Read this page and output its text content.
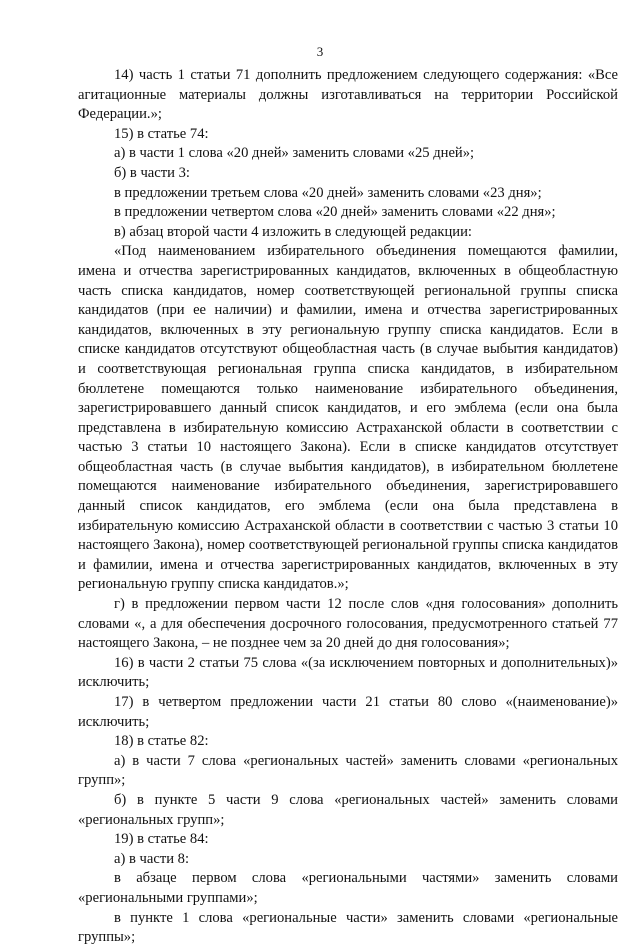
3

14) часть 1 статьи 71 дополнить предложением следующего содержания: «Все агитационные материалы должны изготавливаться на территории Российской Федерации.»;

15) в статье 74:

а) в части 1 слова «20 дней» заменить словами «25 дней»;

б) в части 3:

в предложении третьем слова «20 дней» заменить словами «23 дня»;

в предложении четвертом слова «20 дней» заменить словами «22 дня»;

в) абзац второй части 4 изложить в следующей редакции:

«Под наименованием избирательного объединения помещаются фамилии, имена и отчества зарегистрированных кандидатов, включенных в общеобластную часть списка кандидатов, номер соответствующей региональной группы списка кандидатов (при ее наличии) и фамилии, имена и отчества зарегистрированных кандидатов, включенных в эту региональную группу списка кандидатов. Если в списке кандидатов отсутствуют общеобластная часть (в случае выбытия кандидатов) и соответствующая региональная группа списка кандидатов, в избирательном бюллетене помещаются только наименование избирательного объединения, зарегистрировавшего данный список кандидатов, и его эмблема (если она была представлена в избирательную комиссию Астраханской области в соответствии с частью 3 статьи 10 настоящего Закона). Если в списке кандидатов отсутствует общеобластная часть (в случае выбытия кандидатов), в избирательном бюллетене помещаются наименование избирательного объединения, зарегистрировавшего данный список кандидатов, его эмблема (если она была представлена в избирательную комиссию Астраханской области в соответствии с частью 3 статьи 10 настоящего Закона), номер соответствующей региональной группы списка кандидатов и фамилии, имена и отчества зарегистрированных кандидатов, включенных в эту региональную группу списка кандидатов.»;

г) в предложении первом части 12 после слов «дня голосования» дополнить словами «, а для обеспечения досрочного голосования, предусмотренного статьей 77 настоящего Закона, – не позднее чем за 20 дней до дня голосования»;

16) в части 2 статьи 75 слова «(за исключением повторных и дополнительных)» исключить;

17) в четвертом предложении части 21 статьи 80 слово «(наименование)» исключить;

18) в статье 82:

а) в части 7 слова «региональных частей» заменить словами «региональных групп»;

б) в пункте 5 части 9 слова «региональных частей» заменить словами «региональных групп»;

19) в статье 84:

а) в части 8:

в абзаце первом слова «региональными частями» заменить словами «региональными группами»;

в пункте 1 слова «региональные части» заменить словами «региональные группы»;
